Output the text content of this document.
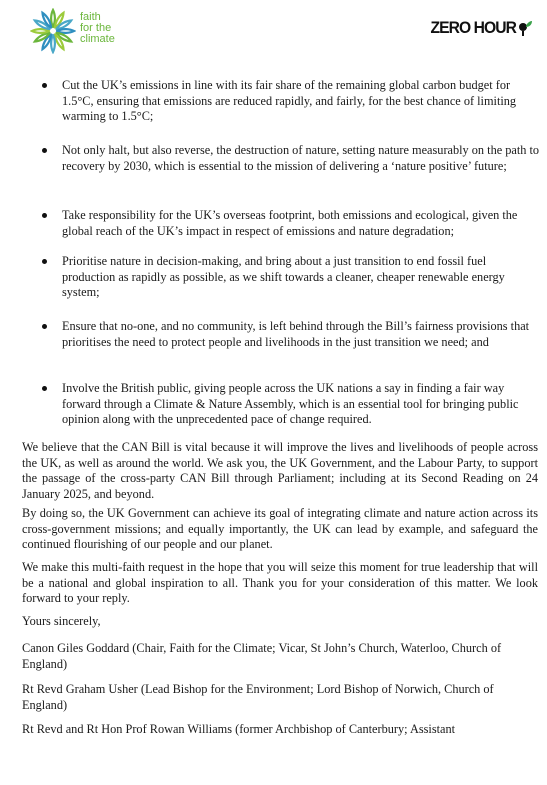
faith
for the
climate
ZERO HOUR
Cut the UK’s emissions in line with its fair share of the remaining global carbon budget for 1.5°C, ensuring that emissions are reduced rapidly, and fairly, for the best chance of limiting warming to 1.5°C;
Not only halt, but also reverse, the destruction of nature, setting nature measurably on the path to recovery by 2030, which is essential to the mission of delivering a ‘nature positive’ future;
Take responsibility for the UK’s overseas footprint, both emissions and ecological, given the global reach of the UK’s impact in respect of emissions and nature degradation;
Prioritise nature in decision-making, and bring about a just transition to end fossil fuel production as rapidly as possible, as we shift towards a cleaner, cheaper renewable energy system;
Ensure that no-one, and no community, is left behind through the Bill’s fairness provisions that prioritises the need to protect people and livelihoods in the just transition we need; and
Involve the British public, giving people across the UK nations a say in finding a fair way forward through a Climate & Nature Assembly, which is an essential tool for bringing public opinion along with the unprecedented pace of change required.

We believe that the CAN Bill is vital because it will improve the lives and livelihoods of people across the UK, as well as around the world. We ask you, the UK Government, and the Labour Party, to support the passage of the cross-party CAN Bill through Parliament; including at its Second Reading on 24 January 2025, and beyond.

By doing so, the UK Government can achieve its goal of integrating climate and nature action across its cross-government missions; and equally importantly, the UK can lead by example, and safeguard the continued flourishing of our people and our planet.

We make this multi-faith request in the hope that you will seize this moment for true leadership that will be a national and global inspiration to all. Thank you for your consideration of this matter. We look forward to your reply.

Yours sincerely,

Canon Giles Goddard (Chair, Faith for the Climate; Vicar, St John’s Church, Waterloo, Church of England)

Rt Revd Graham Usher (Lead Bishop for the Environment; Lord Bishop of Norwich, Church of England)

Rt Revd and Rt Hon Prof Rowan Williams (former Archbishop of Canterbury; Assistant
